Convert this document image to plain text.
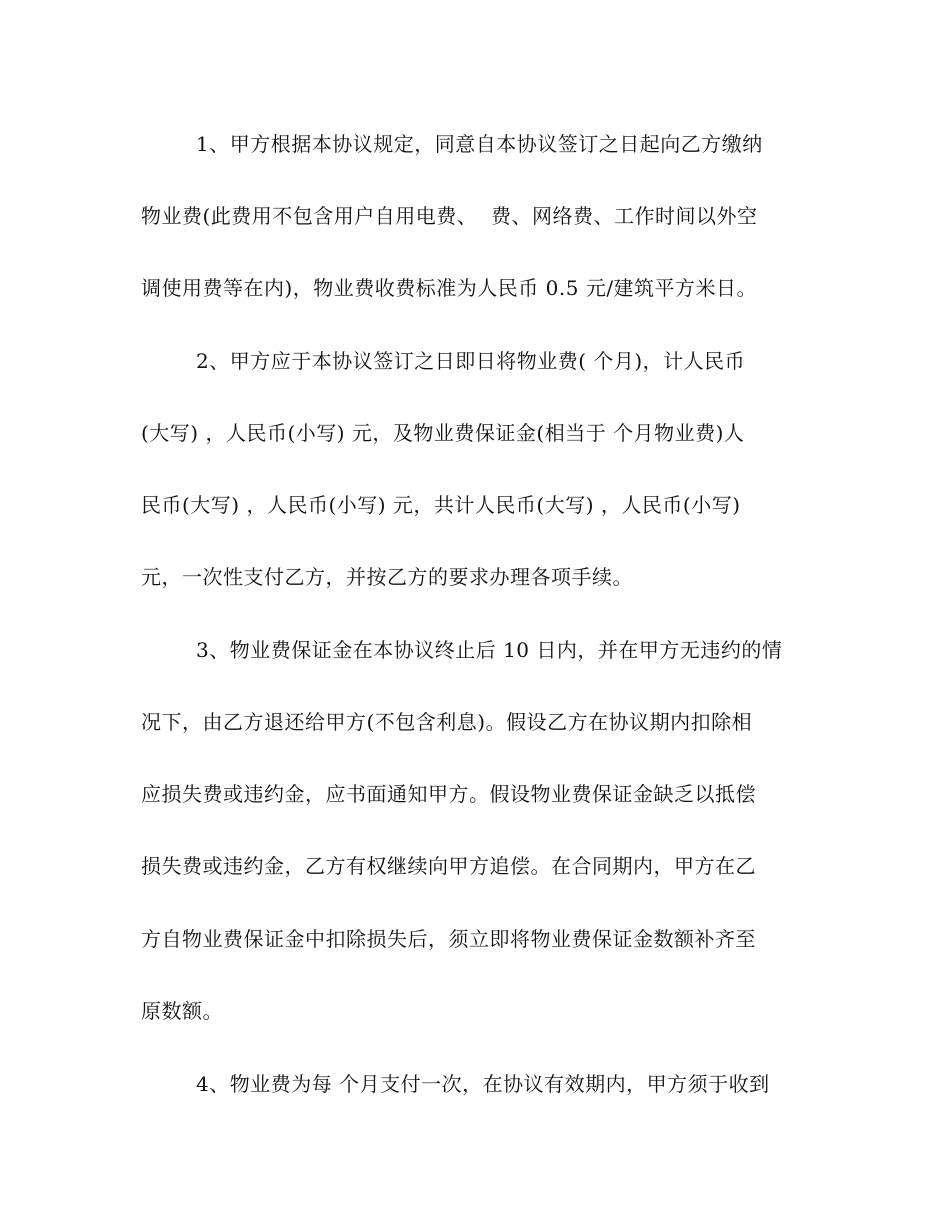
1、甲方根据本协议规定，同意自本协议签订之日起向乙方缴纳
物业费(此费用不包含用户自用电费、  费、网络费、工作时间以外空
调使用费等在内)，物业费收费标准为人民币 0.5 元/建筑平方米日。
2、甲方应于本协议签订之日即日将物业费( 个月)，计人民币
(大写) ，人民币(小写) 元，及物业费保证金(相当于 个月物业费)人
民币(大写) ，人民币(小写) 元，共计人民币(大写) ，人民币(小写)
元，一次性支付乙方，并按乙方的要求办理各项手续。
3、物业费保证金在本协议终止后 10 日内，并在甲方无违约的情
况下，由乙方退还给甲方(不包含利息)。假设乙方在协议期内扣除相
应损失费或违约金，应书面通知甲方。假设物业费保证金缺乏以抵偿
损失费或违约金，乙方有权继续向甲方追偿。在合同期内，甲方在乙
方自物业费保证金中扣除损失后，须立即将物业费保证金数额补齐至
原数额。
4、物业费为每 个月支付一次，在协议有效期内，甲方须于收到
